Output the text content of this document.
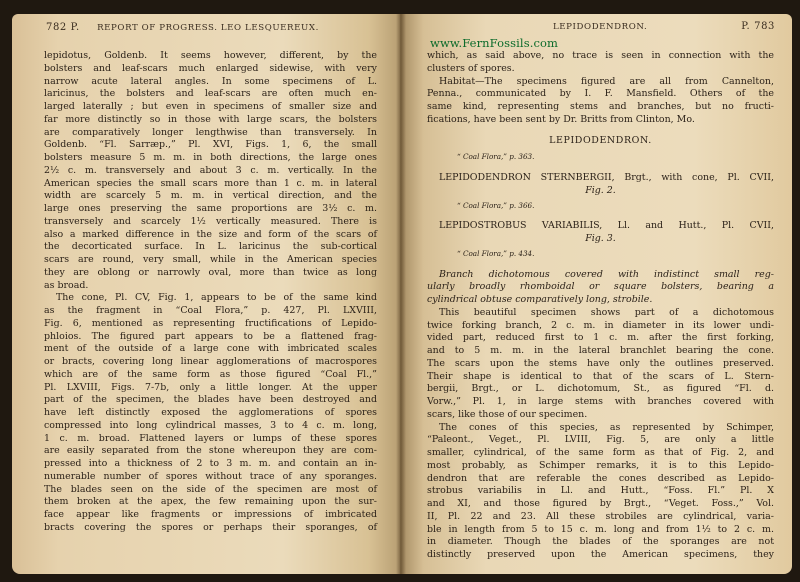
782 P. REPORT OF PROGRESS. LEO LESQUEREUX.
www.FernFossils.com
LEPIDODENDRON.	P. 783
lepidotus, Goldenb. It seems however, different, by the
bolsters and leaf-scars much enlarged sidewise, with very
narrow acute lateral angles. In some specimens of L.
laricinus, the bolsters and leaf-scars are often much en-
larged laterally ; but even in specimens of smaller size and
far more distinctly so in those with large scars, the bolsters
are comparatively longer lengthwise than transversely. In
Goldenb. “Fl. Sarræp.,” Pl. XVI, Figs. 1, 6, the small
bolsters measure 5 m. m. in both directions, the large ones
2½ c. m. transversely and about 3 c. m. vertically. In the
American species the small scars more than 1 c. m. in lateral
width are scarcely 5 m. m. in vertical direction, and the
large ones preserving the same proportions are 3½ c. m.
transversely and scarcely 1½ vertically measured. There is
also a marked difference in the size and form of the scars of
the decorticated surface. In L. laricinus the sub-cortical
scars are round, very small, while in the American species
they are oblong or narrowly oval, more than twice as long
as broad.
The cone, Pl. CV, Fig. 1, appears to be of the same kind
as the fragment in “Coal Flora,” p. 427, Pl. LXVIII,
Fig. 6, mentioned as representing fructifications of Lepido-
phloios. The figured part appears to be a flattened frag-
ment of the outside of a large cone with imbricated scales
or bracts, covering long linear agglomerations of macrospores
which are of the same form as those figured “Coal Fl.,”
Pl. LXVIII, Figs. 7-7b, only a little longer. At the upper
part of the specimen, the blades have been destroyed and
have left distinctly exposed the agglomerations of spores
compressed into long cylindrical masses, 3 to 4 c. m. long,
1 c. m. broad. Flattened layers or lumps of these spores
are easily separated from the stone whereupon they are com-
pressed into a thickness of 2 to 3 m. m. and contain an in-
numerable number of spores without trace of any sporanges.
The blades seen on the side of the specimen are most of
them broken at the apex, the few remaining upon the sur-
face appear like fragments or impressions of imbricated
bracts covering the spores or perhaps their sporanges, of
which, as said above, no trace is seen in connection with the
clusters of spores.
Habitat—The specimens figured are all from Cannelton,
Penna., communicated by I. F. Mansfield. Others of the
same kind, representing stems and branches, but no fructi-
fications, have been sent by Dr. Britts from Clinton, Mo.
LEPIDODENDRON.
“ Coal Flora,” p. 363.
LEPIDODENDRON STERNBERGII, Brgt., with cone, Pl. CVII,
Fig. 2.
“ Coal Flora,” p. 366.
LEPIDOSTROBUS VARIABILIS, Ll. and Hutt., Pl. CVII,
Fig. 3.
“ Coal Flora,” p. 434.
Branch dichotomous covered with indistinct small reg-
ularly broadly rhomboidal or square bolsters, bearing a
cylindrical obtuse comparatively long, strobile.
This beautiful specimen shows part of a dichotomous
twice forking branch, 2 c. m. in diameter in its lower undi-
vided part, reduced first to 1 c. m. after the first forking,
and to 5 m. m. in the lateral branchlet bearing the cone.
The scars upon the stems have only the outlines preserved.
Their shape is identical to that of the scars of L. Stern-
bergii, Brgt., or L. dichotomum, St., as figured “Fl. d.
Vorw.,” Pl. 1, in large stems with branches covered with
scars, like those of our specimen.
The cones of this species, as represented by Schimper,
“Paleont., Veget., Pl. LVIII, Fig. 5, are only a little
smaller, cylindrical, of the same form as that of Fig. 2, and
most probably, as Schimper remarks, it is to this Lepido-
dendron that are referable the cones described as Lepido-
strobus variabilis in Ll. and Hutt., “Foss. Fl.” Pl. X
and XI, and those figured by Brgt., “Veget. Foss.,” Vol.
II, Pl. 22 and 23. All these strobiles are cylindrical, varia-
ble in length from 5 to 15 c. m. long and from 1½ to 2 c. m.
in diameter. Though the blades of the sporanges are not
distinctly preserved upon the American specimens, they
